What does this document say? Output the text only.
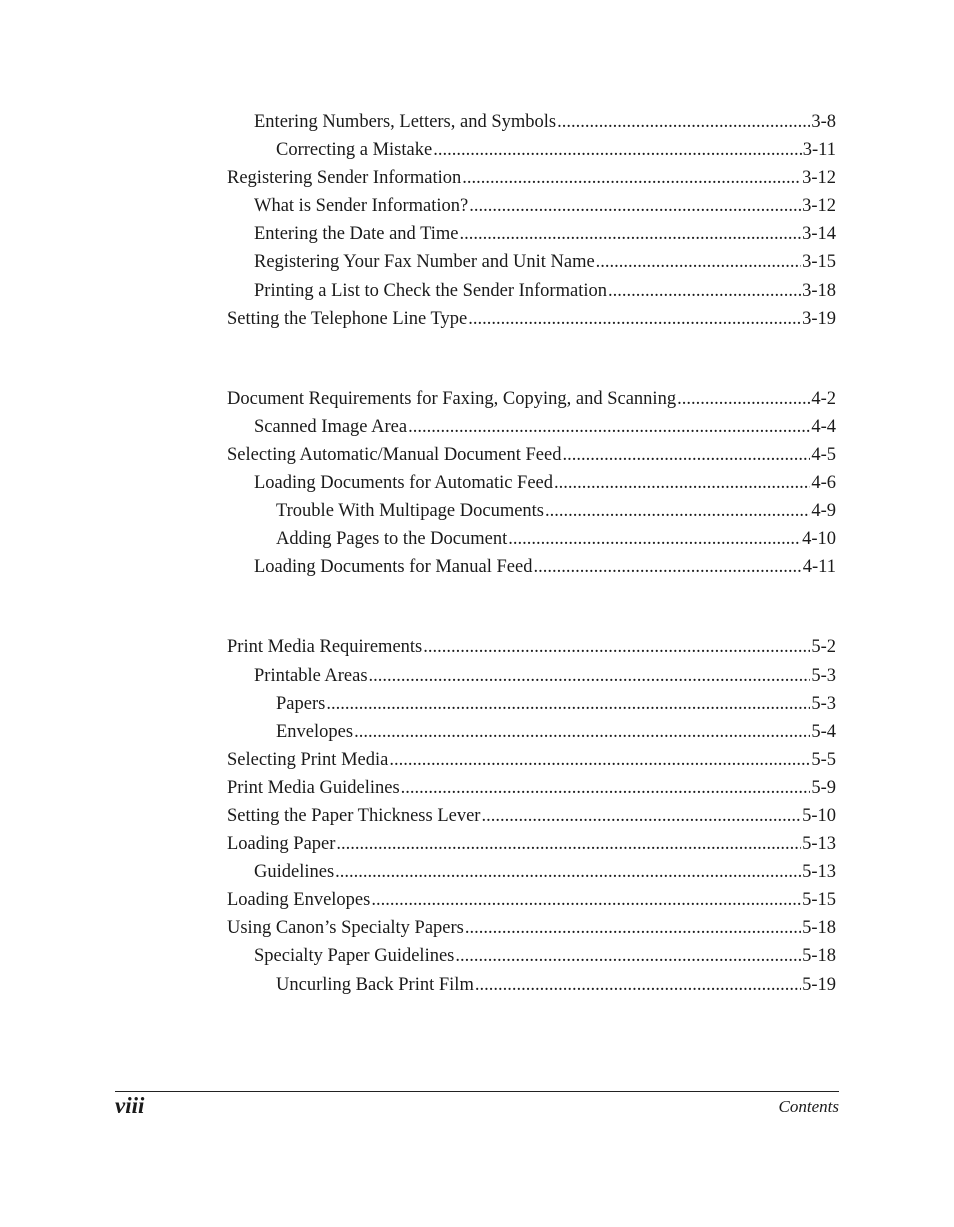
Entering Numbers, Letters, and Symbols .....	3-8
Correcting a Mistake .....	3-11
Registering Sender Information .....	3-12
What is Sender Information? .....	3-12
Entering the Date and Time .....	3-14
Registering Your Fax Number and Unit Name .....	3-15
Printing a List to Check the Sender Information .....	3-18
Setting the Telephone Line Type .....	3-19
Document Requirements for Faxing, Copying, and Scanning .....	4-2
Scanned Image Area .....	4-4
Selecting Automatic/Manual Document Feed .....	4-5
Loading Documents for Automatic Feed .....	4-6
Trouble With Multipage Documents .....	4-9
Adding Pages to the Document .....	4-10
Loading Documents for Manual Feed .....	4-11
Print Media Requirements .....	5-2
Printable Areas .....	5-3
Papers .....	5-3
Envelopes .....	5-4
Selecting Print Media .....	5-5
Print Media Guidelines .....	5-9
Setting the Paper Thickness Lever .....	5-10
Loading Paper .....	5-13
Guidelines .....	5-13
Loading Envelopes .....	5-15
Using Canon’s Specialty Papers .....	5-18
Specialty Paper Guidelines .....	5-18
Uncurling Back Print Film .....	5-19
viii	Contents
